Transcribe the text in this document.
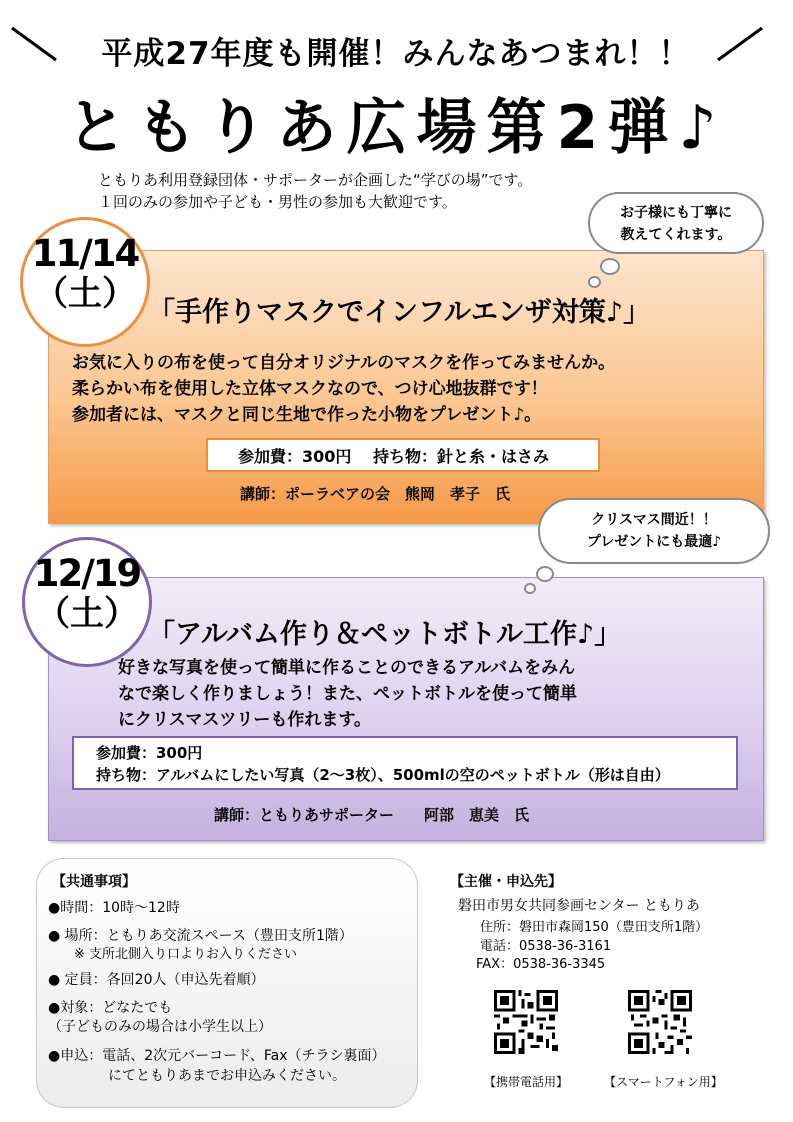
平成27年度も開催！みんなあつまれ！！
ともりあ広場第2弾♪
ともりあ利用登録団体・サポーターが企画した“学びの場”です。
１回のみの参加や子ども・男性の参加も大歓迎です。
11/14
（土） 「手作りマスクでインフルエンザ対策♪」
お気に入りの布を使って自分オリジナルのマスクを作ってみませんか。
柔らかい布を使用した立体マスクなので、つけ心地抜群です！
参加者には、マスクと同じ生地で作った小物をプレゼント♪。
参加費：300円　 持ち物：針と糸・はさみ
講師：ポーラベアの会　熊岡　孝子　氏
お子様にも丁寧に
教えてくれます。
12/19
（土）
「アルバム作り＆ペットボトル工作♪」
好きな写真を使って簡単に作ることのできるアルバムをみん
なで楽しく作りましょう！また、ペットボトルを使って簡単
にクリスマスツリーも作れます。
参加費：300円
持ち物：アルバムにしたい写真（2～3枚）、500mlの空のペットボトル（形は自由）
講師：ともりあサポーター　　阿部　恵美　氏
クリスマス間近！！
プレゼントにも最適♪
【共通事項】
●時間：10時～12時
● 場所：ともりあ交流スペース（豊田支所1階）
※ 支所北側入り口よりお入りください
● 定員：各回20人（申込先着順）
●対象：どなたでも
（子どものみの場合は小学生以上）
●申込：電話、2次元バーコード、Fax（チラシ裏面）
にてともりあまでお申込みください。
【主催・申込先】
磐田市男女共同参画センター ともりあ
住所：磐田市森岡150（豊田支所1階）
電話：0538-36-3161
FAX：0538-36-3345
【携帯電話用】	【スマートフォン用】
